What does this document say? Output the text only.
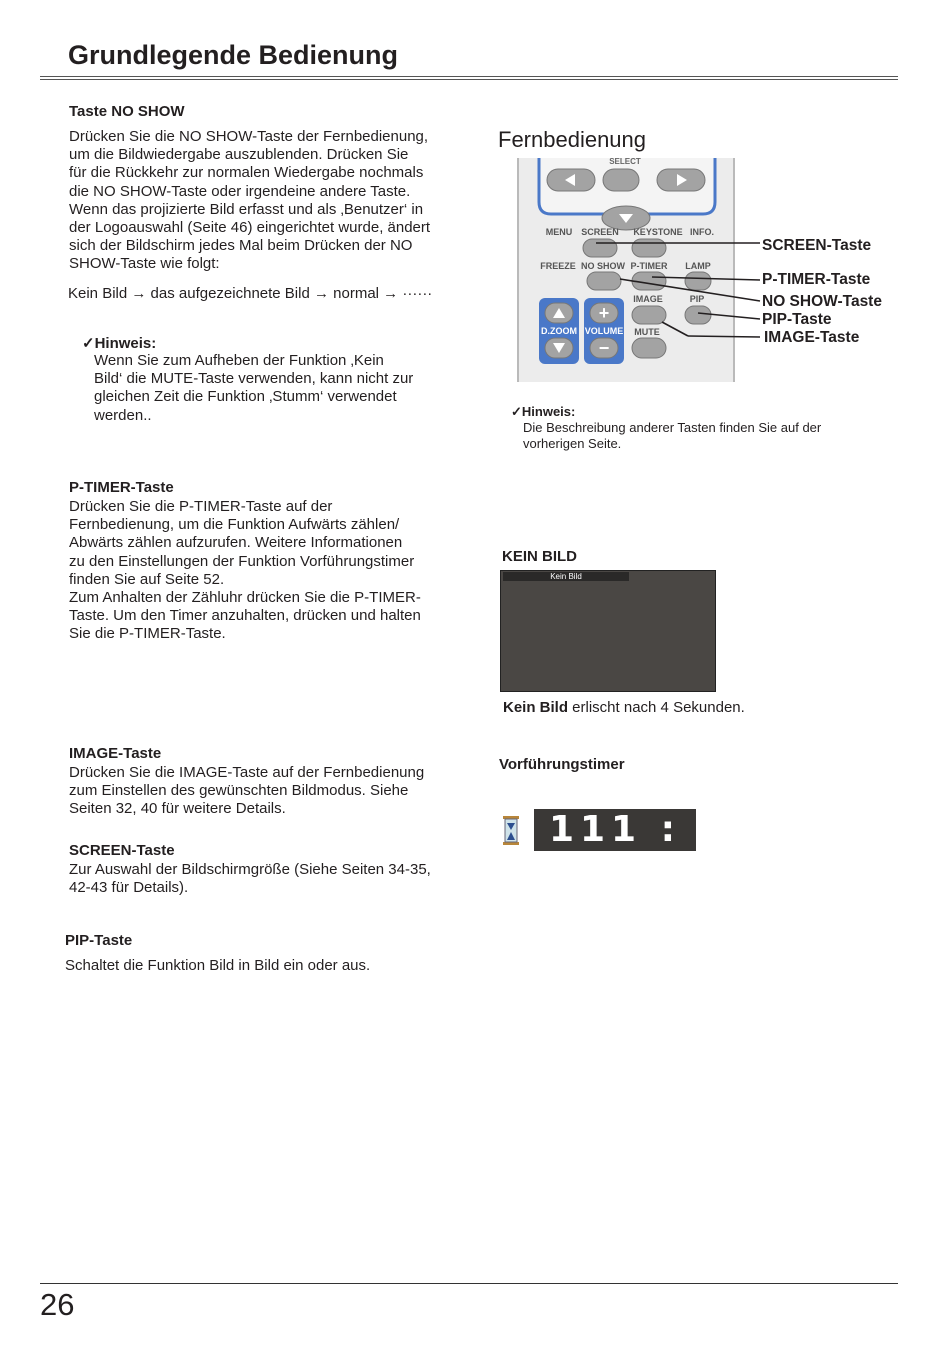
Grundlegende Bedienung
Taste NO SHOW
Drücken Sie die NO SHOW-Taste der Fernbedienung,
um die Bildwiedergabe auszublenden. Drücken Sie
für die Rückkehr zur normalen Wiedergabe nochmals
die NO SHOW-Taste oder irgendeine andere Taste.
Wenn das projizierte Bild erfasst und als ‚Benutzer‘ in
der Logoauswahl (Seite 46) eingerichtet wurde, ändert
sich der Bildschirm jedes Mal beim Drücken der NO
SHOW-Taste wie folgt:
Kein Bild → das aufgezeichnete Bild → normal → ······
✓Hinweis:
Wenn Sie zum Aufheben der Funktion ‚Kein
Bild‘ die MUTE-Taste verwenden, kann nicht zur
gleichen Zeit die Funktion ‚Stumm‘ verwendet
werden..
P-TIMER-Taste
Drücken Sie die P-TIMER-Taste auf der
Fernbedienung, um die Funktion Aufwärts zählen/
Abwärts zählen aufzurufen. Weitere Informationen
zu den Einstellungen der Funktion Vorführungstimer
finden Sie auf Seite 52.
Zum Anhalten der Zähluhr drücken Sie die P-TIMER-
Taste. Um den Timer anzuhalten, drücken und halten
Sie die P-TIMER-Taste.
IMAGE-Taste
Drücken Sie die IMAGE-Taste auf der Fernbedienung
zum Einstellen des gewünschten Bildmodus. Siehe
Seiten 32, 40 für weitere Details.
SCREEN-Taste
Zur Auswahl der Bildschirmgröße (Siehe Seiten 34-35,
42-43 für Details).
PIP-Taste
Schaltet die Funktion Bild in Bild ein oder aus.
Fernbedienung
SELECT
MENU SCREEN KEYSTONE INFO.
FREEZE NO SHOW P-TIMER LAMP
IMAGE	PIP
MUTE
+
−
D.ZOOM VOLUME
SCREEN-Taste
P-TIMER-Taste
NO SHOW-Taste
PIP-Taste
IMAGE-Taste
✓Hinweis:
Die Beschreibung anderer Tasten finden Sie auf der
vorherigen Seite.
KEIN BILD
Kein Bild
Kein Bild erlischt nach 4 Sekunden.
Vorführungstimer
111 : 11
26
